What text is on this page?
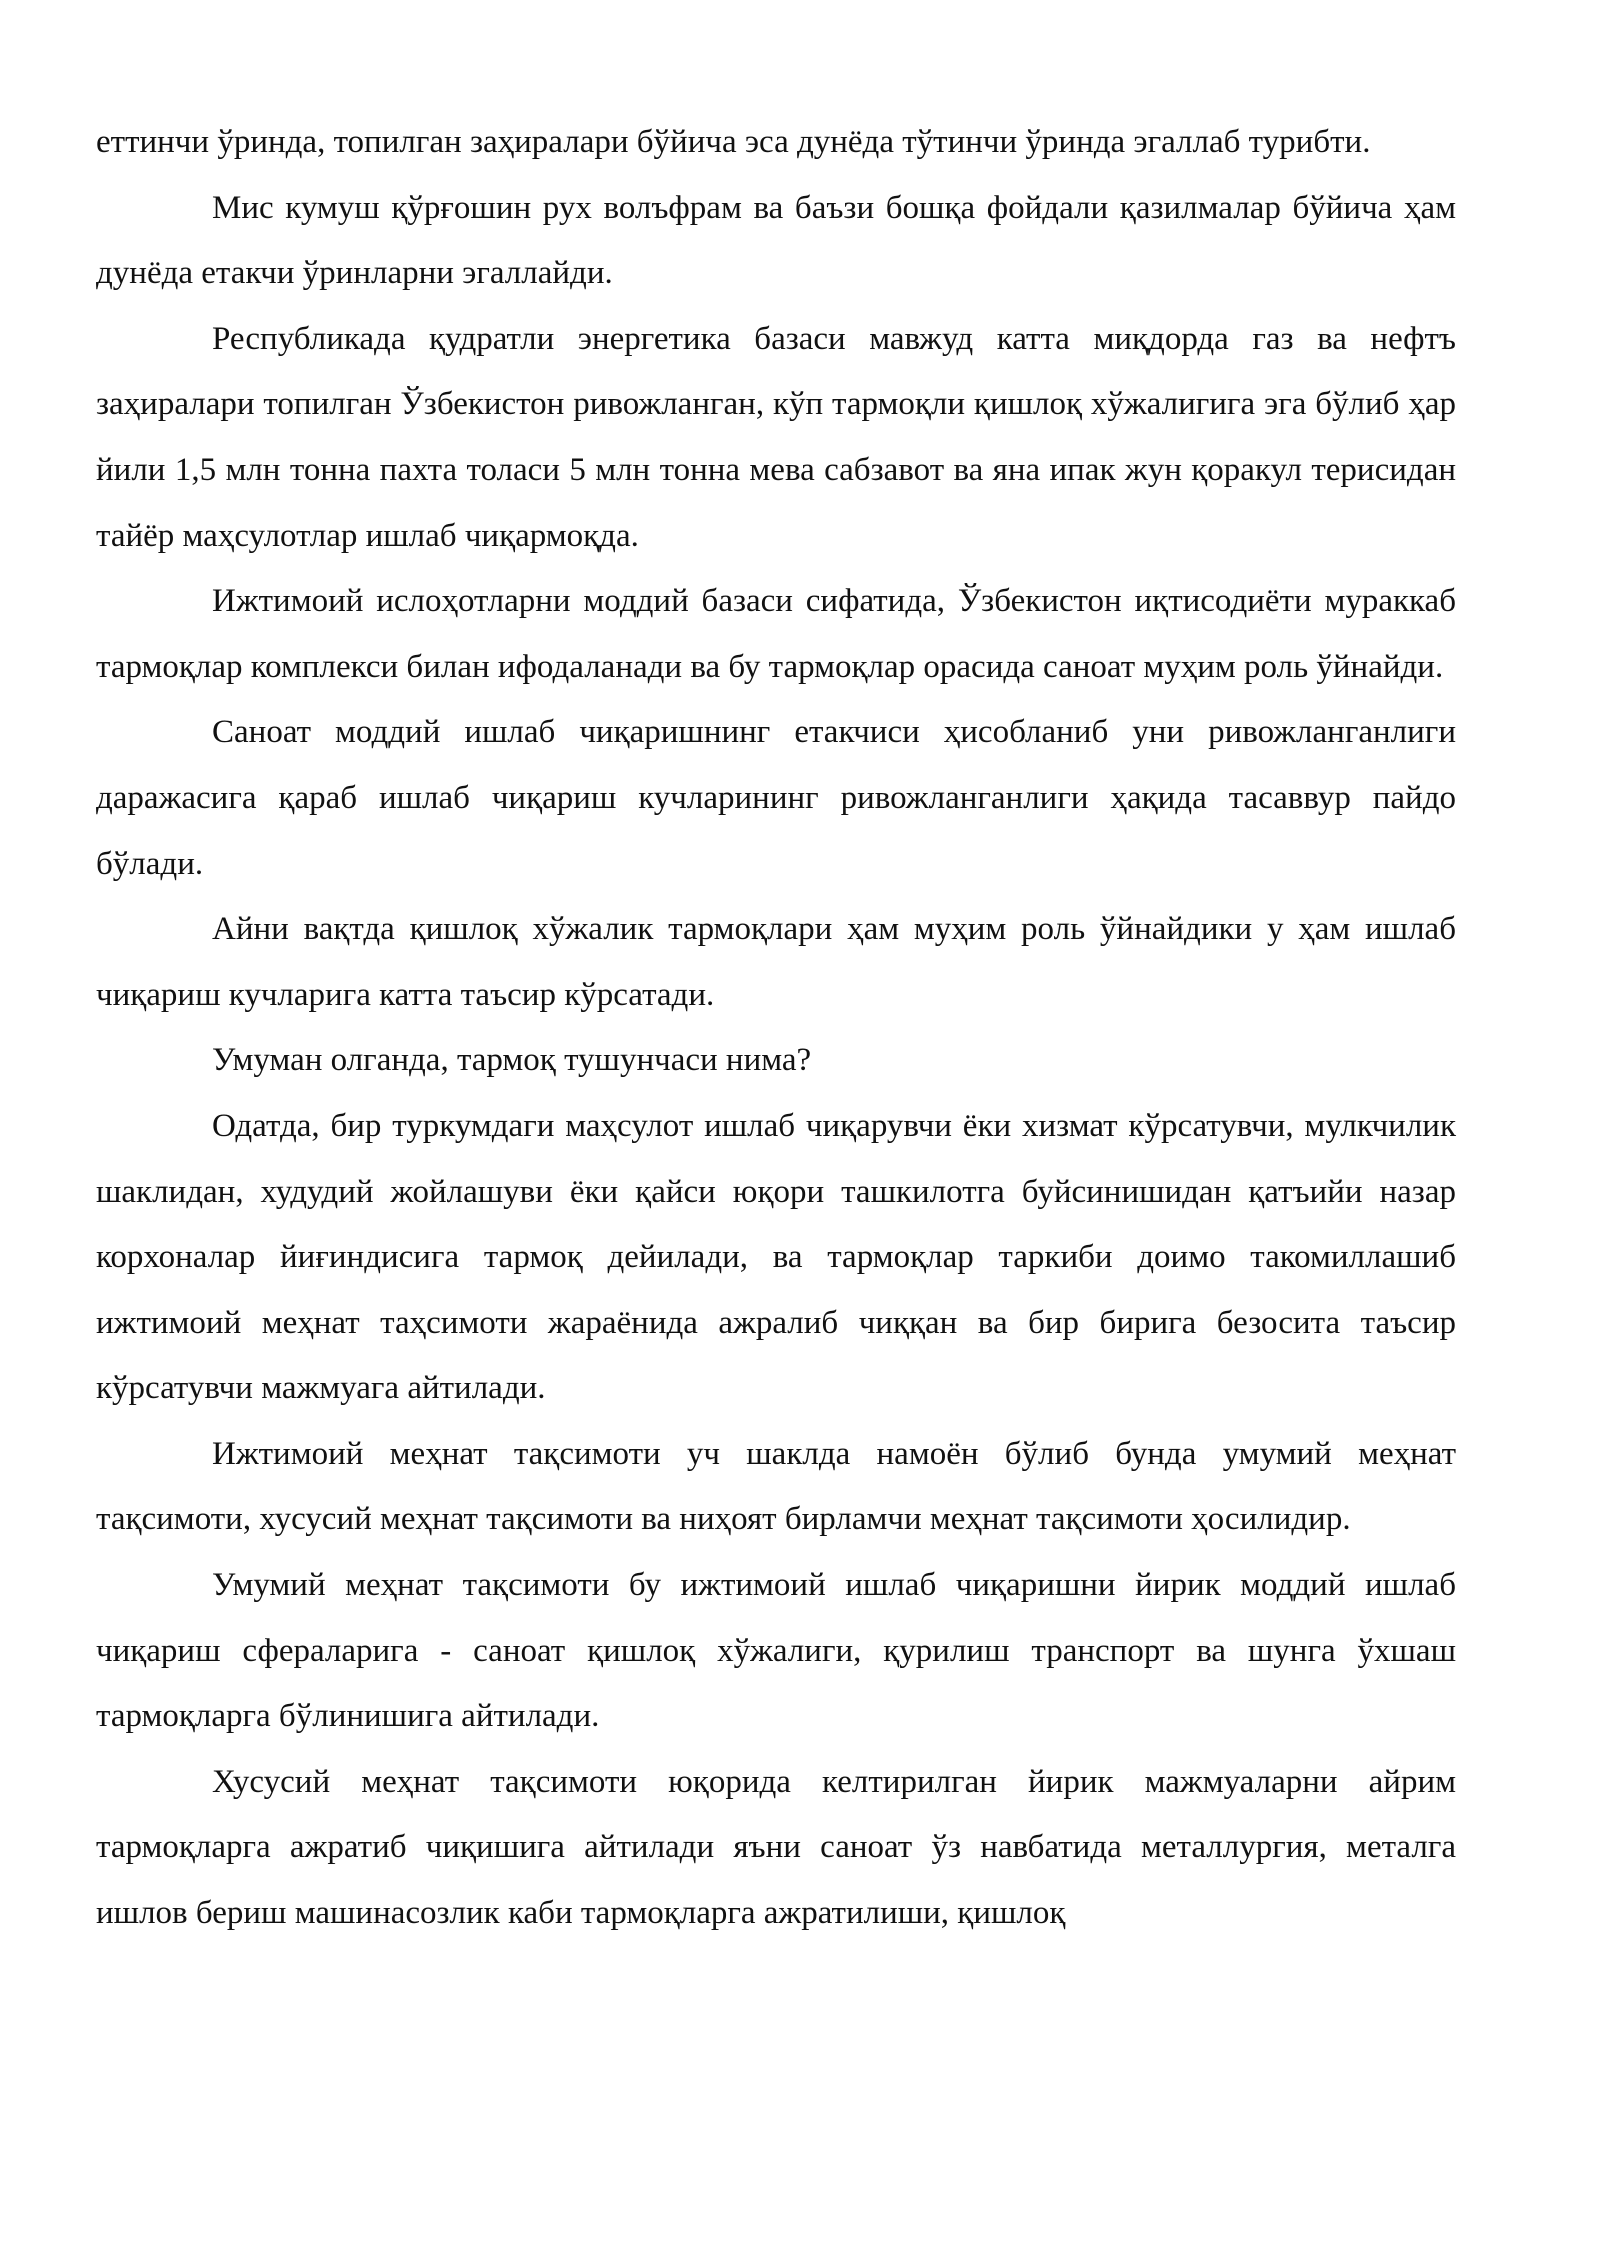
еттинчи ўринда, топилган заҳиралари бўйича эса дунёда тўтинчи ўринда эгаллаб турибти.

Мис кумуш қўрғошин рух волъфрам ва баъзи бошқа фойдали қазилмалар бўйича ҳам дунёда етакчи ўринларни эгаллайди.

Республикада қудратли энергетика базаси мавжуд катта миқдорда газ ва нефтъ заҳиралари топилган Ўзбекистон ривожланган, кўп тармоқли қишлоқ хўжалигига эга бўлиб ҳар йили 1,5 млн тонна пахта толаси 5 млн тонна мева сабзавот ва яна ипак жун қоракул терисидан тайёр маҳсулотлар ишлаб чиқармоқда.

Ижтимоий ислоҳотларни моддий базаси сифатида, Ўзбекистон иқтисодиёти мураккаб тармоқлар комплекси билан ифодаланади ва бу тармоқлар орасида саноат муҳим роль ўйнайди.

Саноат моддий ишлаб чиқаришнинг етакчиси ҳисобланиб уни ривожланганлиги даражасига қараб ишлаб чиқариш кучларининг ривожланганлиги ҳақида тасаввур пайдо бўлади.

Айни вақтда қишлоқ хўжалик тармоқлари ҳам муҳим роль ўйнайдики у ҳам ишлаб чиқариш кучларига катта таъсир кўрсатади.

Умуман олганда, тармоқ тушунчаси нима?

Одатда, бир туркумдаги маҳсулот ишлаб чиқарувчи ёки хизмат кўрсатувчи, мулкчилик шаклидан, худудий жойлашуви ёки қайси юқори ташкилотга буйсинишидан қатъийи назар корхоналар йиғиндисига тармоқ дейилади, ва тармоқлар таркиби доимо такомиллашиб ижтимоий меҳнат таҳсимоти жараёнида ажралиб чиққан ва бир бирига безосита таъсир кўрсатувчи мажмуага айтилади.

Ижтимоий меҳнат тақсимоти уч шаклда намоён бўлиб бунда умумий меҳнат тақсимоти, хусусий меҳнат тақсимоти ва ниҳоят бирламчи меҳнат тақсимоти ҳосилидир.

Умумий меҳнат тақсимоти бу ижтимоий ишлаб чиқаришни йирик моддий ишлаб чиқариш сфераларига - саноат қишлоқ хўжалиги, қурилиш транспорт ва шунга ўхшаш тармоқларга бўлинишига айтилади.

Хусусий меҳнат тақсимоти юқорида келтирилган йирик мажмуаларни айрим тармоқларга ажратиб чиқишига айтилади яъни саноат ўз навбатида металлургия, металга ишлов бериш машинасозлик каби тармоқларга ажратилиши, қишлоқ
